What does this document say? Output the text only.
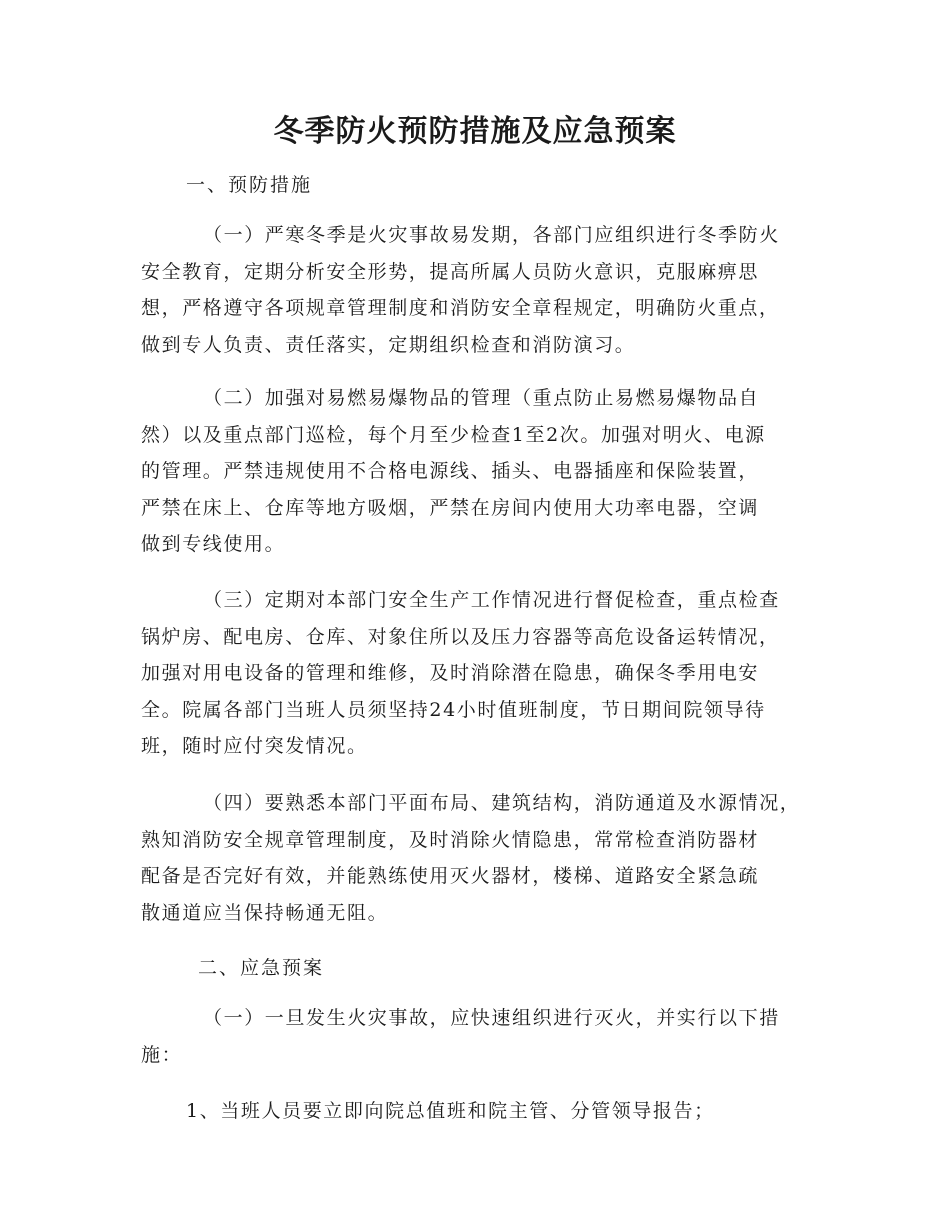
冬季防火预防措施及应急预案
一、预防措施
（一）严寒冬季是火灾事故易发期，各部门应组织进行冬季防火
安全教育，定期分析安全形势，提高所属人员防火意识，克服麻痹思
想，严格遵守各项规章管理制度和消防安全章程规定，明确防火重点，
做到专人负责、责任落实，定期组织检查和消防演习。
（二）加强对易燃易爆物品的管理（重点防止易燃易爆物品自
然）以及重点部门巡检，每个月至少检查1至2次。加强对明火、电源
的管理。严禁违规使用不合格电源线、插头、电器插座和保险装置，
严禁在床上、仓库等地方吸烟，严禁在房间内使用大功率电器，空调
做到专线使用。
（三）定期对本部门安全生产工作情况进行督促检查，重点检查
锅炉房、配电房、仓库、对象住所以及压力容器等高危设备运转情况，
加强对用电设备的管理和维修，及时消除潜在隐患，确保冬季用电安
全。院属各部门当班人员须坚持24小时值班制度，节日期间院领导待
班，随时应付突发情况。
（四）要熟悉本部门平面布局、建筑结构，消防通道及水源情况，
熟知消防安全规章管理制度，及时消除火情隐患，常常检查消防器材
配备是否完好有效，并能熟练使用灭火器材，楼梯、道路安全紧急疏
散通道应当保持畅通无阻。
二、应急预案
（一）一旦发生火灾事故，应快速组织进行灭火，并实行以下措
施：
1、当班人员要立即向院总值班和院主管、分管领导报告；
